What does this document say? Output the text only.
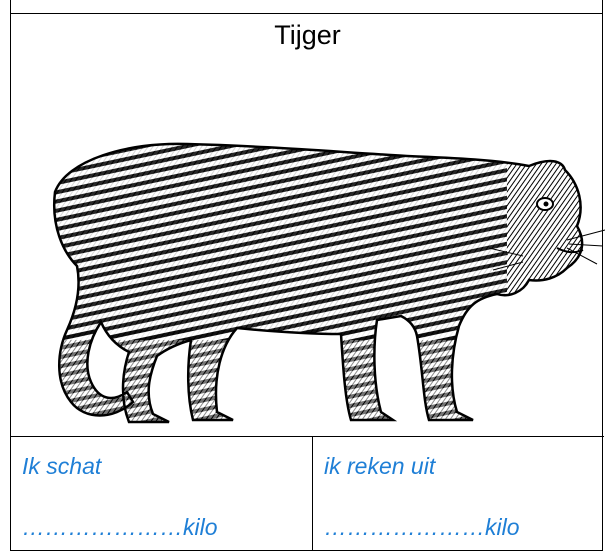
Tijger
Ik schat
…………………kilo
ik reken uit
…………………kilo
